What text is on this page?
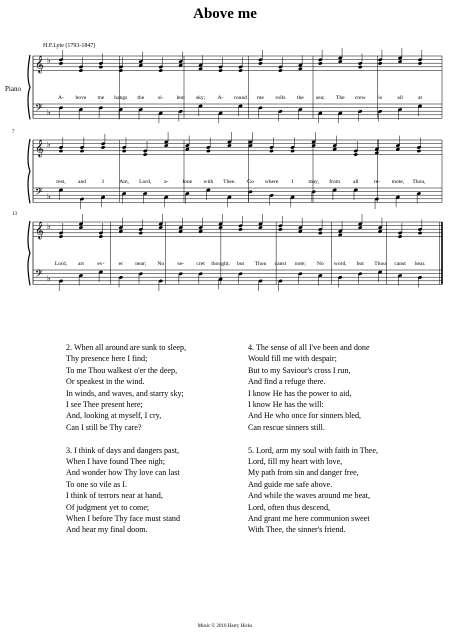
Above me
H.F.Lyte (1793-1847)
Piano
𝄞
𝄢
♭
♭
A- bove me hangs the si- lent sky; A- round me rolls the sea; The crew is	all	at
𝄞
𝄢
♭
♭
rest, and	I	Am, Lord, a-	lone with Thee. Go where I	may, from all	re- mote, Thou,
7
𝄞
𝄢
♭
♭
Lord, art ev-	er near; No se- cret thought, but Thou canst note; No word, but Thou canst hear.
13
2. When all around are sunk to sleep,
Thy presence here I find;
To me Thou walkest o'er the deep,
Or speakest in the wind.
In winds, and waves, and starry sky;
I see Thee present here;
And, looking at myself, I cry,
Can I still be Thy care?
3. I think of days and dangers past,
When I have found Thee nigh;
And wonder how Thy love can last
To one so vile as I.
I think of terrors near at hand,
Of judgment yet to come;
When I before Thy face must stand
And hear my final doom.
4. The sense of all I've been and done
Would fill me with despair;
But to my Saviour's cross I run,
And find a refuge there.
I know He has the power to aid,
I know He has the will:
And He who once for sinners bled,
Can rescue sinners still.
5. Lord, arm my soul with faith in Thee,
Lord, fill my heart with love,
My path from sin and danger free,
And guide me safe above.
And while the waves around me beat,
Lord, often thus descend,
And grant me here communion sweet
With Thee, the sinner's friend.
Music © 2016 Harry Hicks
